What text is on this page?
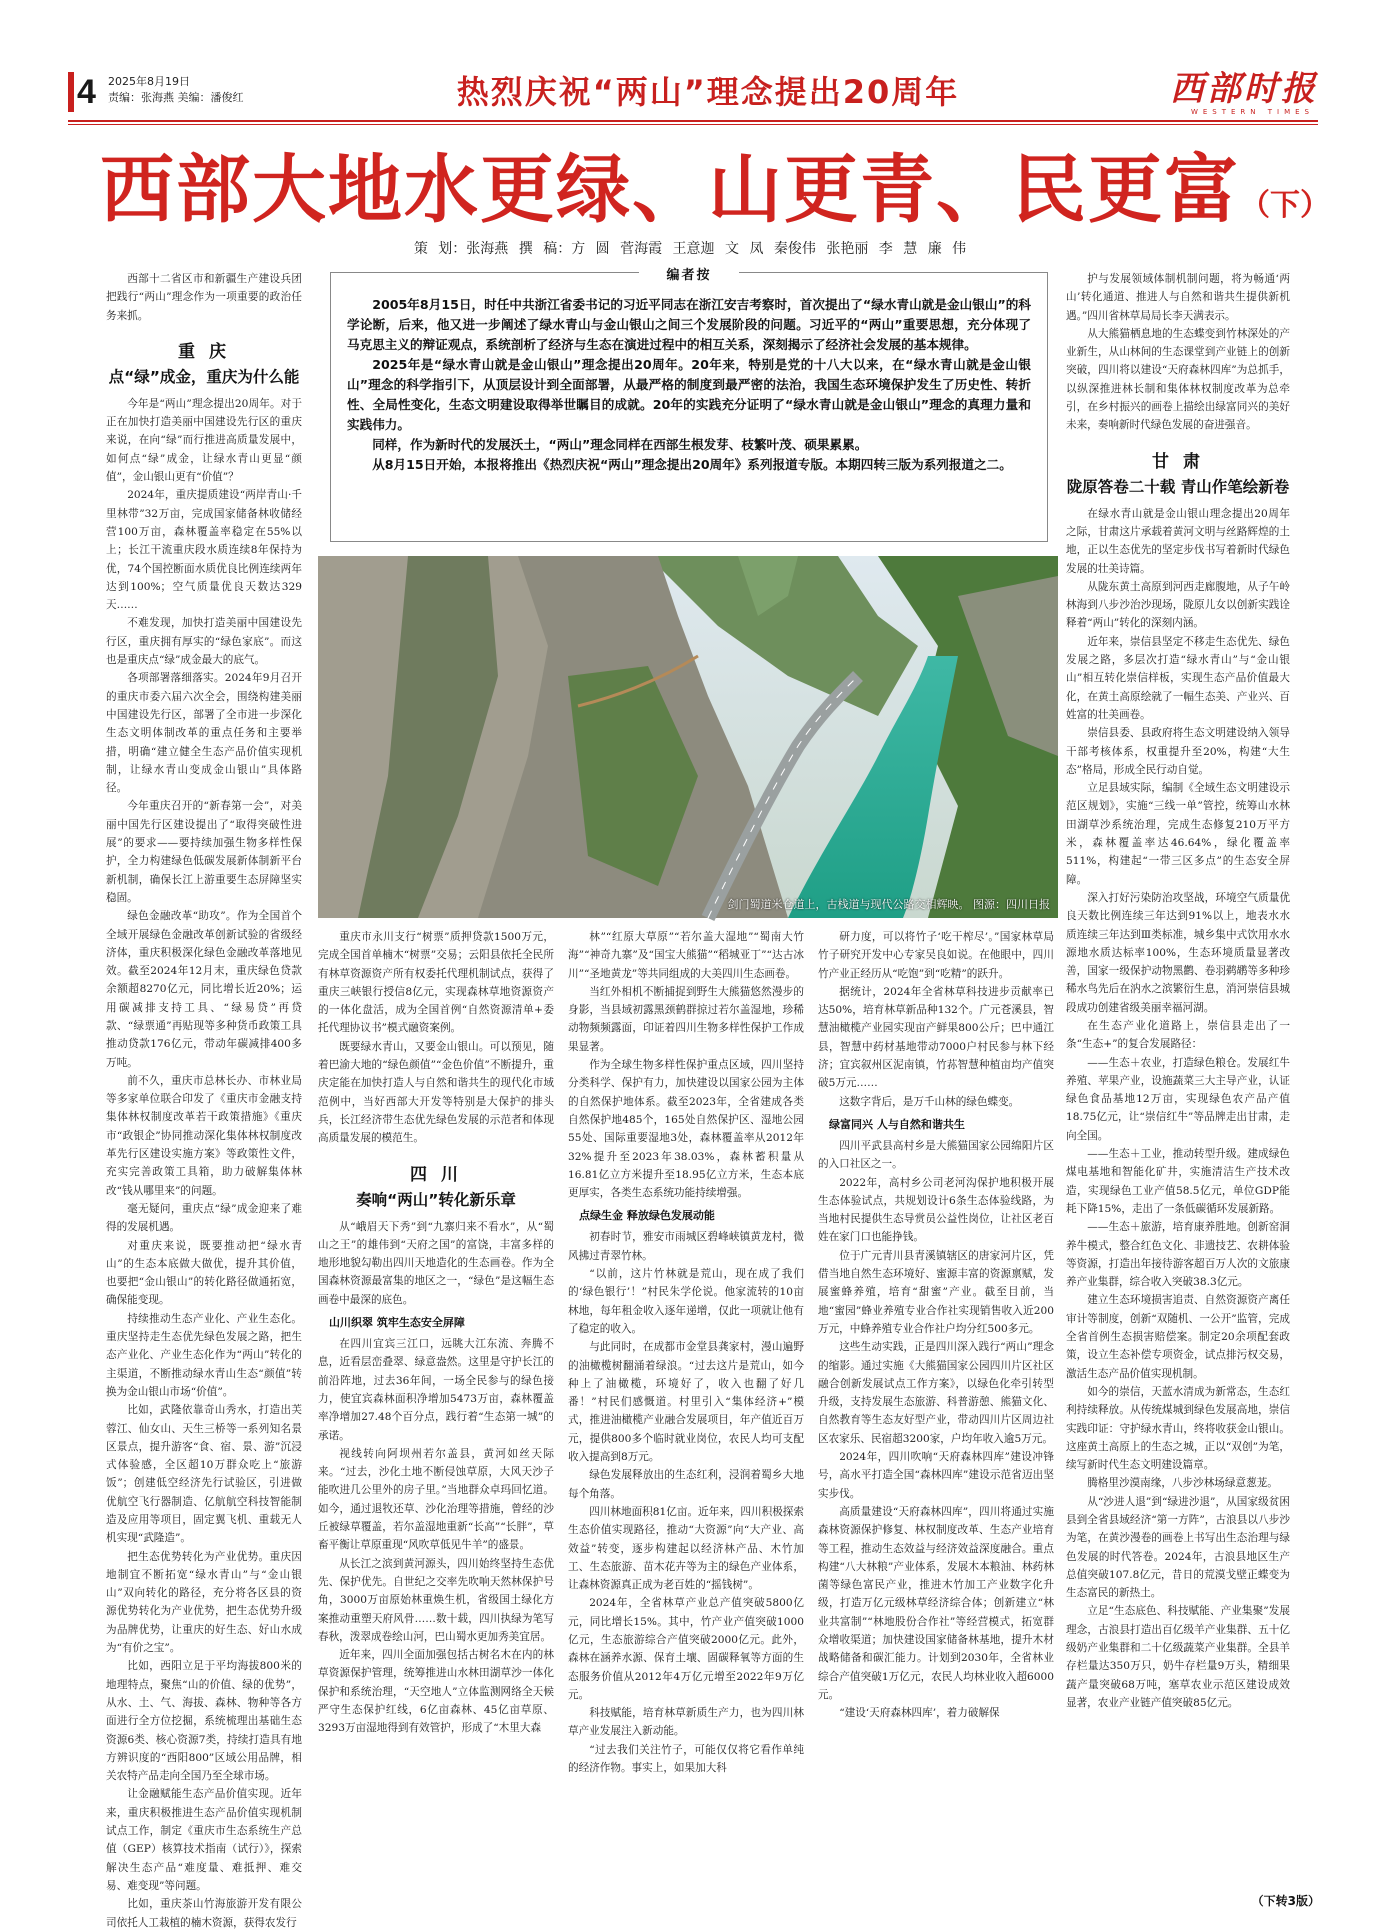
4 2025年8月19日
责编：张海燕 美编：潘俊红	热烈庆祝“两山”理念提出20周年	西部时报
WESTERN TIMES
西部大地水更绿、山更青、民更富（下）
策 划：张海燕 撰 稿：方 圆 菅海霞 王意迦 文 凤 秦俊伟 张艳丽 李 慧 廉 伟
编者按

2005年8月15日，时任中共浙江省委书记的习近平同志在浙江安吉考察时，首次提出了“绿水青山就是金山银山”的科学论断，后来，他又进一步阐述了绿水青山与金山银山之间三个发展阶段的问题。习近平的“两山”重要思想，充分体现了马克思主义的辩证观点，系统剖析了经济与生态在演进过程中的相互关系，深刻揭示了经济社会发展的基本规律。

2025年是“绿水青山就是金山银山”理念提出20周年。20年来，特别是党的十八大以来，在“绿水青山就是金山银山”理念的科学指引下，从顶层设计到全面部署，从最严格的制度到最严密的法治，我国生态环境保护发生了历史性、转折性、全局性变化，生态文明建设取得举世瞩目的成就。20年的实践充分证明了“绿水青山就是金山银山”理念的真理力量和实践伟力。

同样，作为新时代的发展沃土，“两山”理念同样在西部生根发芽、枝繁叶茂、硕果累累。

从8月15日开始，本报将推出《热烈庆祝“两山”理念提出20周年》系列报道专版。本期四转三版为系列报道之二。

西部十二省区市和新疆生产建设兵团把践行“两山”理念作为一项重要的政治任务来抓。

重 庆
点“绿”成金，重庆为什么能

今年是“两山”理念提出20周年。对于正在加快打造美丽中国建设先行区的重庆来说，在向“绿”而行推进高质量发展中，如何点“绿”成金，让绿水青山更显“颜值”，金山银山更有“价值”？

2024年，重庆提质建设“两岸青山·千里林带”32万亩，完成国家储备林收储经营100万亩，森林覆盖率稳定在55%以上；长江干流重庆段水质连续8年保持为优，74个国控断面水质优良比例连续两年达到100%；空气质量优良天数达329天……

不难发现，加快打造美丽中国建设先行区，重庆拥有厚实的“绿色家底”。而这也是重庆点“绿”成金最大的底气。

各项部署落细落实。2024年9月召开的重庆市委六届六次全会，围绕构建美丽中国建设先行区，部署了全市进一步深化生态文明体制改革的重点任务和主要举措，明确“建立健全生态产品价值实现机制，让绿水青山变成金山银山”具体路径。

今年重庆召开的“新春第一会”，对美丽中国先行区建设提出了“取得突破性进展”的要求——要持续加强生物多样性保护，全力构建绿色低碳发展新体制新平台新机制，确保长江上游重要生态屏障坚实稳固。

绿色金融改革“助攻”。作为全国首个全域开展绿色金融改革创新试验的省级经济体，重庆积极深化绿色金融改革落地见效。截至2024年12月末，重庆绿色贷款余额超8270亿元，同比增长近20%；运用碳减排支持工具、“绿易贷”再贷款、“绿票通”再贴现等多种货币政策工具推动贷款176亿元，带动年碳减排400多万吨。

前不久，重庆市总林长办、市林业局等多家单位联合印发了《重庆市金融支持集体林权制度改革若干政策措施》《重庆市“政银企”协同推动深化集体林权制度改革先行区建设实施方案》等政策性文件，充实完善政策工具箱，助力破解集体林改“钱从哪里来”的问题。

毫无疑问，重庆点“绿”成金迎来了难得的发展机遇。

对重庆来说，既要推动把“绿水青山”的生态本底做大做优，提升其价值，也要把“金山银山”的转化路径做通拓宽，确保能变现。

持续推动生态产业化、产业生态化。重庆坚持走生态优先绿色发展之路，把生态产业化、产业生态化作为“两山”转化的主渠道，不断推动绿水青山生态“颜值”转换为金山银山市场“价值”。

比如，武隆依靠奇山秀水，打造出芙蓉江、仙女山、天生三桥等一系列知名景区景点，提升游客“食、宿、景、游”沉浸式体验感，全区超10万群众吃上“旅游饭”；创建低空经济先行试验区，引进做优航空飞行器制造、亿航航空科技智能制造及应用等项目，固定翼飞机、重载无人机实现“武隆造”。

把生态优势转化为产业优势。重庆因地制宜不断拓宽“绿水青山”与“金山银山”双向转化的路径，充分将各区县的资源优势转化为产业优势，把生态优势升级为品牌优势，让重庆的好生态、好山水成为“有价之宝”。

比如，西阳立足于平均海拔800米的地理特点，聚焦“山的价值、绿的优势”，从水、土、气、海拔、森林、物种等各方面进行全方位挖掘，系统梳理出基础生态资源6类、核心资源7类，持续打造具有地方辨识度的“西阳800”区域公用品牌，相关农特产品走向全国乃至全球市场。

让金融赋能生态产品价值实现。近年来，重庆积极推进生态产品价值实现机制试点工作，制定《重庆市生态系统生产总值（GEP）核算技术指南（试行）》，探索解决生态产品“难度量、难抵押、难交易、难变现”等问题。

比如，重庆茶山竹海旅游开发有限公司依托人工栽植的楠木资源，获得农发行

剑门蜀道米仓道上，古栈道与现代公路交相辉映。 图源：四川日报

重庆市永川支行“树票”质押贷款1500万元，完成全国首单楠木“树票”交易；云阳县依托全民所有林草资源资产所有权委托代理机制试点，获得了重庆三峡银行授信8亿元，实现森林草地资源资产的一体化盘活，成为全国首例“自然资源清单+委托代理协议书”模式融资案例。

既要绿水青山，又要金山银山。可以预见，随着巴渝大地的“绿色颜值”“金色价值”不断提升，重庆定能在加快打造人与自然和谐共生的现代化市域范例中，当好西部大开发等特别是大保护的排头兵，长江经济带生态优先绿色发展的示范者和体现高质量发展的模范生。

四 川
奏响“两山”转化新乐章

从“峨眉天下秀”到“九寨归来不看水”，从“蜀山之王”的雄伟到“天府之国”的富饶，丰富多样的地形地貌勾勒出四川天地造化的生态画卷。作为全国森林资源最富集的地区之一，“绿色”是这幅生态画卷中最深的底色。

山川织翠 筑牢生态安全屏障

在四川宜宾三江口，远眺大江东流、奔腾不息，近看层峦叠翠、绿意盎然。这里是守护长江的前沿阵地，过去36年间，一场全民参与的绿色接力，使宜宾森林面积净增加5473万亩，森林覆盖率净增加27.48个百分点，践行着“生态第一城”的承诺。

视线转向阿坝州若尔盖县，黄河如丝天际来。“过去，沙化土地不断侵蚀草原，大风天沙子能吹进几公里外的房子里。”当地群众卓玛回忆道。如今，通过退牧还草、沙化治理等措施，曾经的沙丘被绿草覆盖，若尔盖湿地重新“长高”“长胖”，草畜平衡让草原重现“风吹草低见牛羊”的盛景。

从长江之滨到黄河源头，四川始终坚持生态优先、保护优先。自世纪之交率先吹响天然林保护号角，3000万亩原始林重焕生机，省级国土绿化方案推动重塑天府风骨……数十载，四川执绿为笔写春秋，泼翠成卷绘山河，巴山蜀水更加秀美宜居。

近年来，四川全面加强包括古树名木在内的林草资源保护管理，统筹推进山水林田湖草沙一体化保护和系统治理，“天空地人”立体监测网络全天候严守生态保护红线，6亿亩森林、45亿亩草原、3293万亩湿地得到有效管护，形成了“木里大森

林”“红原大草原”“若尔盖大湿地”“蜀南大竹海”“神奇九寨”及“国宝大熊猫”“稻城亚丁”“达古冰川”“圣地黄龙”等共同组成的大美四川生态画卷。

当红外相机不断捕捉到野生大熊猫悠然漫步的身影，当县域初露黑颈鹤群掠过若尔盖湿地，珍稀动物频频露面，印证着四川生物多样性保护工作成果显著。

作为全球生物多样性保护重点区域，四川坚持分类科学、保护有力，加快建设以国家公园为主体的自然保护地体系。截至2023年，全省建成各类自然保护地485个，165处自然保护区、湿地公园55处、国际重要湿地3处，森林覆盖率从2012年32%提升至2023年38.03%，森林蓄积量从16.81亿立方米提升至18.95亿立方米，生态本底更厚实，各类生态系统功能持续增强。

点绿生金 释放绿色发展动能

初春时节，雅安市雨城区碧峰峡镇黄龙村，微风拂过青翠竹林。

“以前，这片竹林就是荒山，现在成了我们的‘绿色银行’！”村民朱学伦说。他家流转的10亩林地，每年租金收入逐年递增，仅此一项就让他有了稳定的收入。

与此同时，在成都市金堂县龚家村，漫山遍野的油橄榄树翻涌着绿浪。“过去这片是荒山，如今种上了油橄榄，环境好了，收入也翻了好几番！”村民们感慨道。村里引入“集体经济+”模式，推进油橄榄产业融合发展项目，年产值近百万元，提供800多个临时就业岗位，农民人均可支配收入提高到8万元。

绿色发展释放出的生态红利，浸润着蜀乡大地每个角落。

四川林地面积81亿亩。近年来，四川积极探索生态价值实现路径，推动“大资源”向“大产业、高效益”转变，逐步构建起以经济林产品、木竹加工、生态旅游、苗木花卉等为主的绿色产业体系，让森林资源真正成为老百姓的“摇钱树”。

2024年，全省林草产业总产值突破5800亿元，同比增长15%。其中，竹产业产值突破1000亿元，生态旅游综合产值突破2000亿元。此外，森林在涵养水源、保育土壤、固碳释氧等方面的生态服务价值从2012年4万亿元增至2022年9万亿元。

科技赋能，培育林草新质生产力，也为四川林草产业发展注入新动能。

“过去我们关注竹子，可能仅仅将它看作单纯的经济作物。事实上，如果加大科

研力度，可以将竹子‘吃干榨尽’。”国家林草局竹子研究开发中心专家吴良如说。在他眼中，四川竹产业正经历从“吃饱”到“吃精”的跃升。

据统计，2024年全省林草科技进步贡献率已达50%，培育林草新品种132个。广元苍溪县，智慧油橄榄产业园实现亩产鲜果800公斤；巴中通江县，智慧中药材基地带动7000户村民参与林下经济；宜宾叙州区泥南镇，竹荪智慧种植亩均产值突破5万元……

这数字背后，是万千山林的绿色蝶变。

绿富同兴 人与自然和谐共生

四川平武县高村乡是大熊猫国家公园绵阳片区的入口社区之一。

2022年，高村乡公司老河沟保护地积极开展生态体验试点，共规划设计6条生态体验线路，为当地村民提供生态导赏员公益性岗位，让社区老百姓在家门口也能挣钱。

位于广元青川县青溪镇辖区的唐家河片区，凭借当地自然生态环境好、蜜源丰富的资源禀赋，发展蜜蜂养殖，培育“甜蜜”产业。截至目前，当地“蜜园”蜂业养殖专业合作社实现销售收入近200万元，中蜂养殖专业合作社户均分红500多元。

这些生动实践，正是四川深入践行“两山”理念的缩影。通过实施《大熊猫国家公园四川片区社区融合创新发展试点工作方案》，以绿色化牵引转型升级，支持发展生态旅游、科普游憩、熊猫文化、自然教育等生态友好型产业，带动四川片区周边社区农家乐、民宿超3200家，户均年收入逾5万元。

2024年，四川吹响“天府森林四库”建设冲锋号，高水平打造全国“森林四库”建设示范省迈出坚实步伐。

高质量建设“天府森林四库”，四川将通过实施森林资源保护修复、林权制度改革、生态产业培育等工程，推动生态效益与经济效益深度融合。重点构建“八大林粮”产业体系，发展木本粮油、林药林菌等绿色富民产业，推进木竹加工产业数字化升级，打造万亿元级林草经济综合体；创新建立“林业共富制”“林地股份合作社”等经营模式，拓宽群众增收渠道；加快建设国家储备林基地，提升木材战略储备和碳汇能力。计划到2030年，全省林业综合产值突破1万亿元，农民人均林业收入超6000元。

“建设‘天府森林四库’，着力破解保

护与发展领域体制机制问题，将为畅通‘两山’转化通道、推进人与自然和谐共生提供新机遇。”四川省林草局局长李天满表示。

从大熊猫栖息地的生态蝶变到竹林深处的产业新生，从山林间的生态课堂到产业链上的创新突破，四川将以建设“天府森林四库”为总抓手，以纵深推进林长制和集体林权制度改革为总牵引，在乡村振兴的画卷上描绘出绿富同兴的美好未来，奏响新时代绿色发展的奋进强音。

甘 肃
陇原答卷二十载 青山作笔绘新卷

在绿水青山就是金山银山理念提出20周年之际，甘肃这片承载着黄河文明与丝路辉煌的土地，正以生态优先的坚定步伐书写着新时代绿色发展的壮美诗篇。

从陇东黄土高原到河西走廊腹地，从子午岭林海到八步沙治沙现场，陇原儿女以创新实践诠释着“两山”转化的深刻内涵。

近年来，崇信县坚定不移走生态优先、绿色发展之路，多层次打造“绿水青山”与“金山银山”相互转化崇信样板，实现生态产品价值最大化，在黄土高原绘就了一幅生态美、产业兴、百姓富的壮美画卷。

崇信县委、县政府将生态文明建设纳入领导干部考核体系，权重提升至20%，构建“大生态”格局，形成全民行动自觉。

立足县域实际，编制《全域生态文明建设示范区规划》，实施“三线一单”管控，统筹山水林田湖草沙系统治理，完成生态修复210万平方米，森林覆盖率达46.64%，绿化覆盖率511%，构建起“一带三区多点”的生态安全屏障。

深入打好污染防治攻坚战，环境空气质量优良天数比例连续三年达到91%以上，地表水水质连续三年达到Ⅲ类标准，城乡集中式饮用水水源地水质达标率100%，生态环境质量显著改善，国家一级保护动物黑鹳、卷羽鹈鹕等多种珍稀水鸟先后在汭水之滨繁衍生息，消河崇信县城段成功创建省级美丽幸福河湖。

在生态产业化道路上，崇信县走出了一条“生态+”的复合发展路径：

——生态＋农业，打造绿色粮仓。发展红牛养殖、苹果产业，设施蔬菜三大主导产业，认证绿色食品基地12万亩，实现绿色农产品产值18.75亿元，让“崇信红牛”等品牌走出甘肃，走向全国。

——生态＋工业，推动转型升级。建成绿色煤电基地和智能化矿井，实施清洁生产技术改造，实现绿色工业产值58.5亿元，单位GDP能耗下降15%，走出了一条低碳循环发展新路。

——生态＋旅游，培育康养胜地。创新窑洞养牛模式，整合红色文化、非遗技艺、农耕体验等资源，打造出年接待游客超百万人次的文旅康养产业集群，综合收入突破38.3亿元。

建立生态环境损害追责、自然资源资产离任审计等制度，创新“双随机、一公开”监管，完成全省首例生态损害赔偿案。制定20余项配套政策，设立生态补偿专项资金，试点排污权交易，激活生态产品价值实现机制。

如今的崇信，天蓝水清成为新常态，生态红利持续释放。从传统煤城到绿色发展高地，崇信实践印证：守护绿水青山，终将收获金山银山。这座黄土高原上的生态之城，正以“双创”为笔，续写新时代生态文明建设篇章。

腾格里沙漠南缘，八步沙林场绿意葱茏。

从“沙进人退”到“绿进沙退”，从国家级贫困县到全省县域经济“第一方阵”，古浪县以八步沙为笔，在黄沙漫卷的画卷上书写出生态治理与绿色发展的时代答卷。2024年，古浪县地区生产总值突破107.8亿元，昔日的荒漠戈壁正蝶变为生态富民的新热土。

立足“生态底色、科技赋能、产业集聚”发展理念，古浪县打造出百亿级羊产业集群、五十亿级奶产业集群和二十亿级蔬菜产业集群。全县羊存栏量达350万只，奶牛存栏量9万头，精细果蔬产量突破68万吨，塞草农业示范区建设成效显著，农业产业链产值突破85亿元。

（下转3版）
